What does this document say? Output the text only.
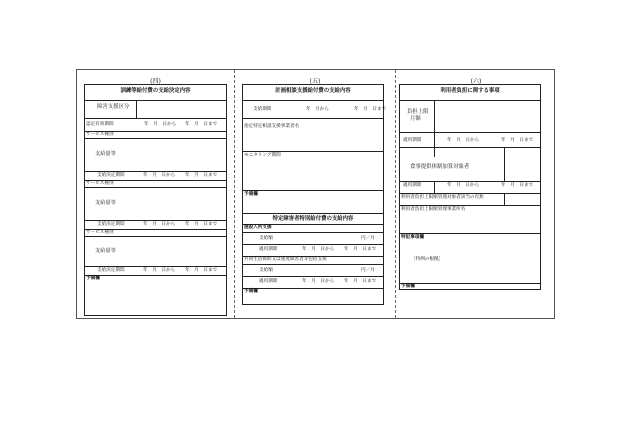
(四)
訓練等給付費の支給決定内容
障害支援区分
認定有効期間	年　月　日から 年　月　日まで
サービス種別
支給量等
支給決定期間	年　月　日から 年　月　日まで
サービス種別
支給量等
支給決定期間	年　月　日から 年　月　日まで
サービス種別
支給量等
支給決定期間	年　月　日から 年　月　日まで
予備欄
(五)
計画相談支援給付費の支給内容
支給期間	年　月から	年　月　日まで
指定特定相談支援事業者名
モニタリング期間
予備欄
特定障害者特別給付費の支給内容
施設入所支援
支給額	円／月
適用期間	年　月　日から 年　月　日まで
共同生活援助又は重度障害者等包括支援
支給額	円／月
適用期間	年　月　日から 年　月　日まで
予備欄
(六)
利用者負担に関する事項
負担上限
月額
適用期間	年　月　日から	年　月　日まで
食事提供体制加算対象者
適用期間	年　月　日から	年　月　日まで
利用者負担上限額管理対象者該当の有無
利用者負担上限額管理事業所名
特記事項欄
［特例の根拠］
予備欄
